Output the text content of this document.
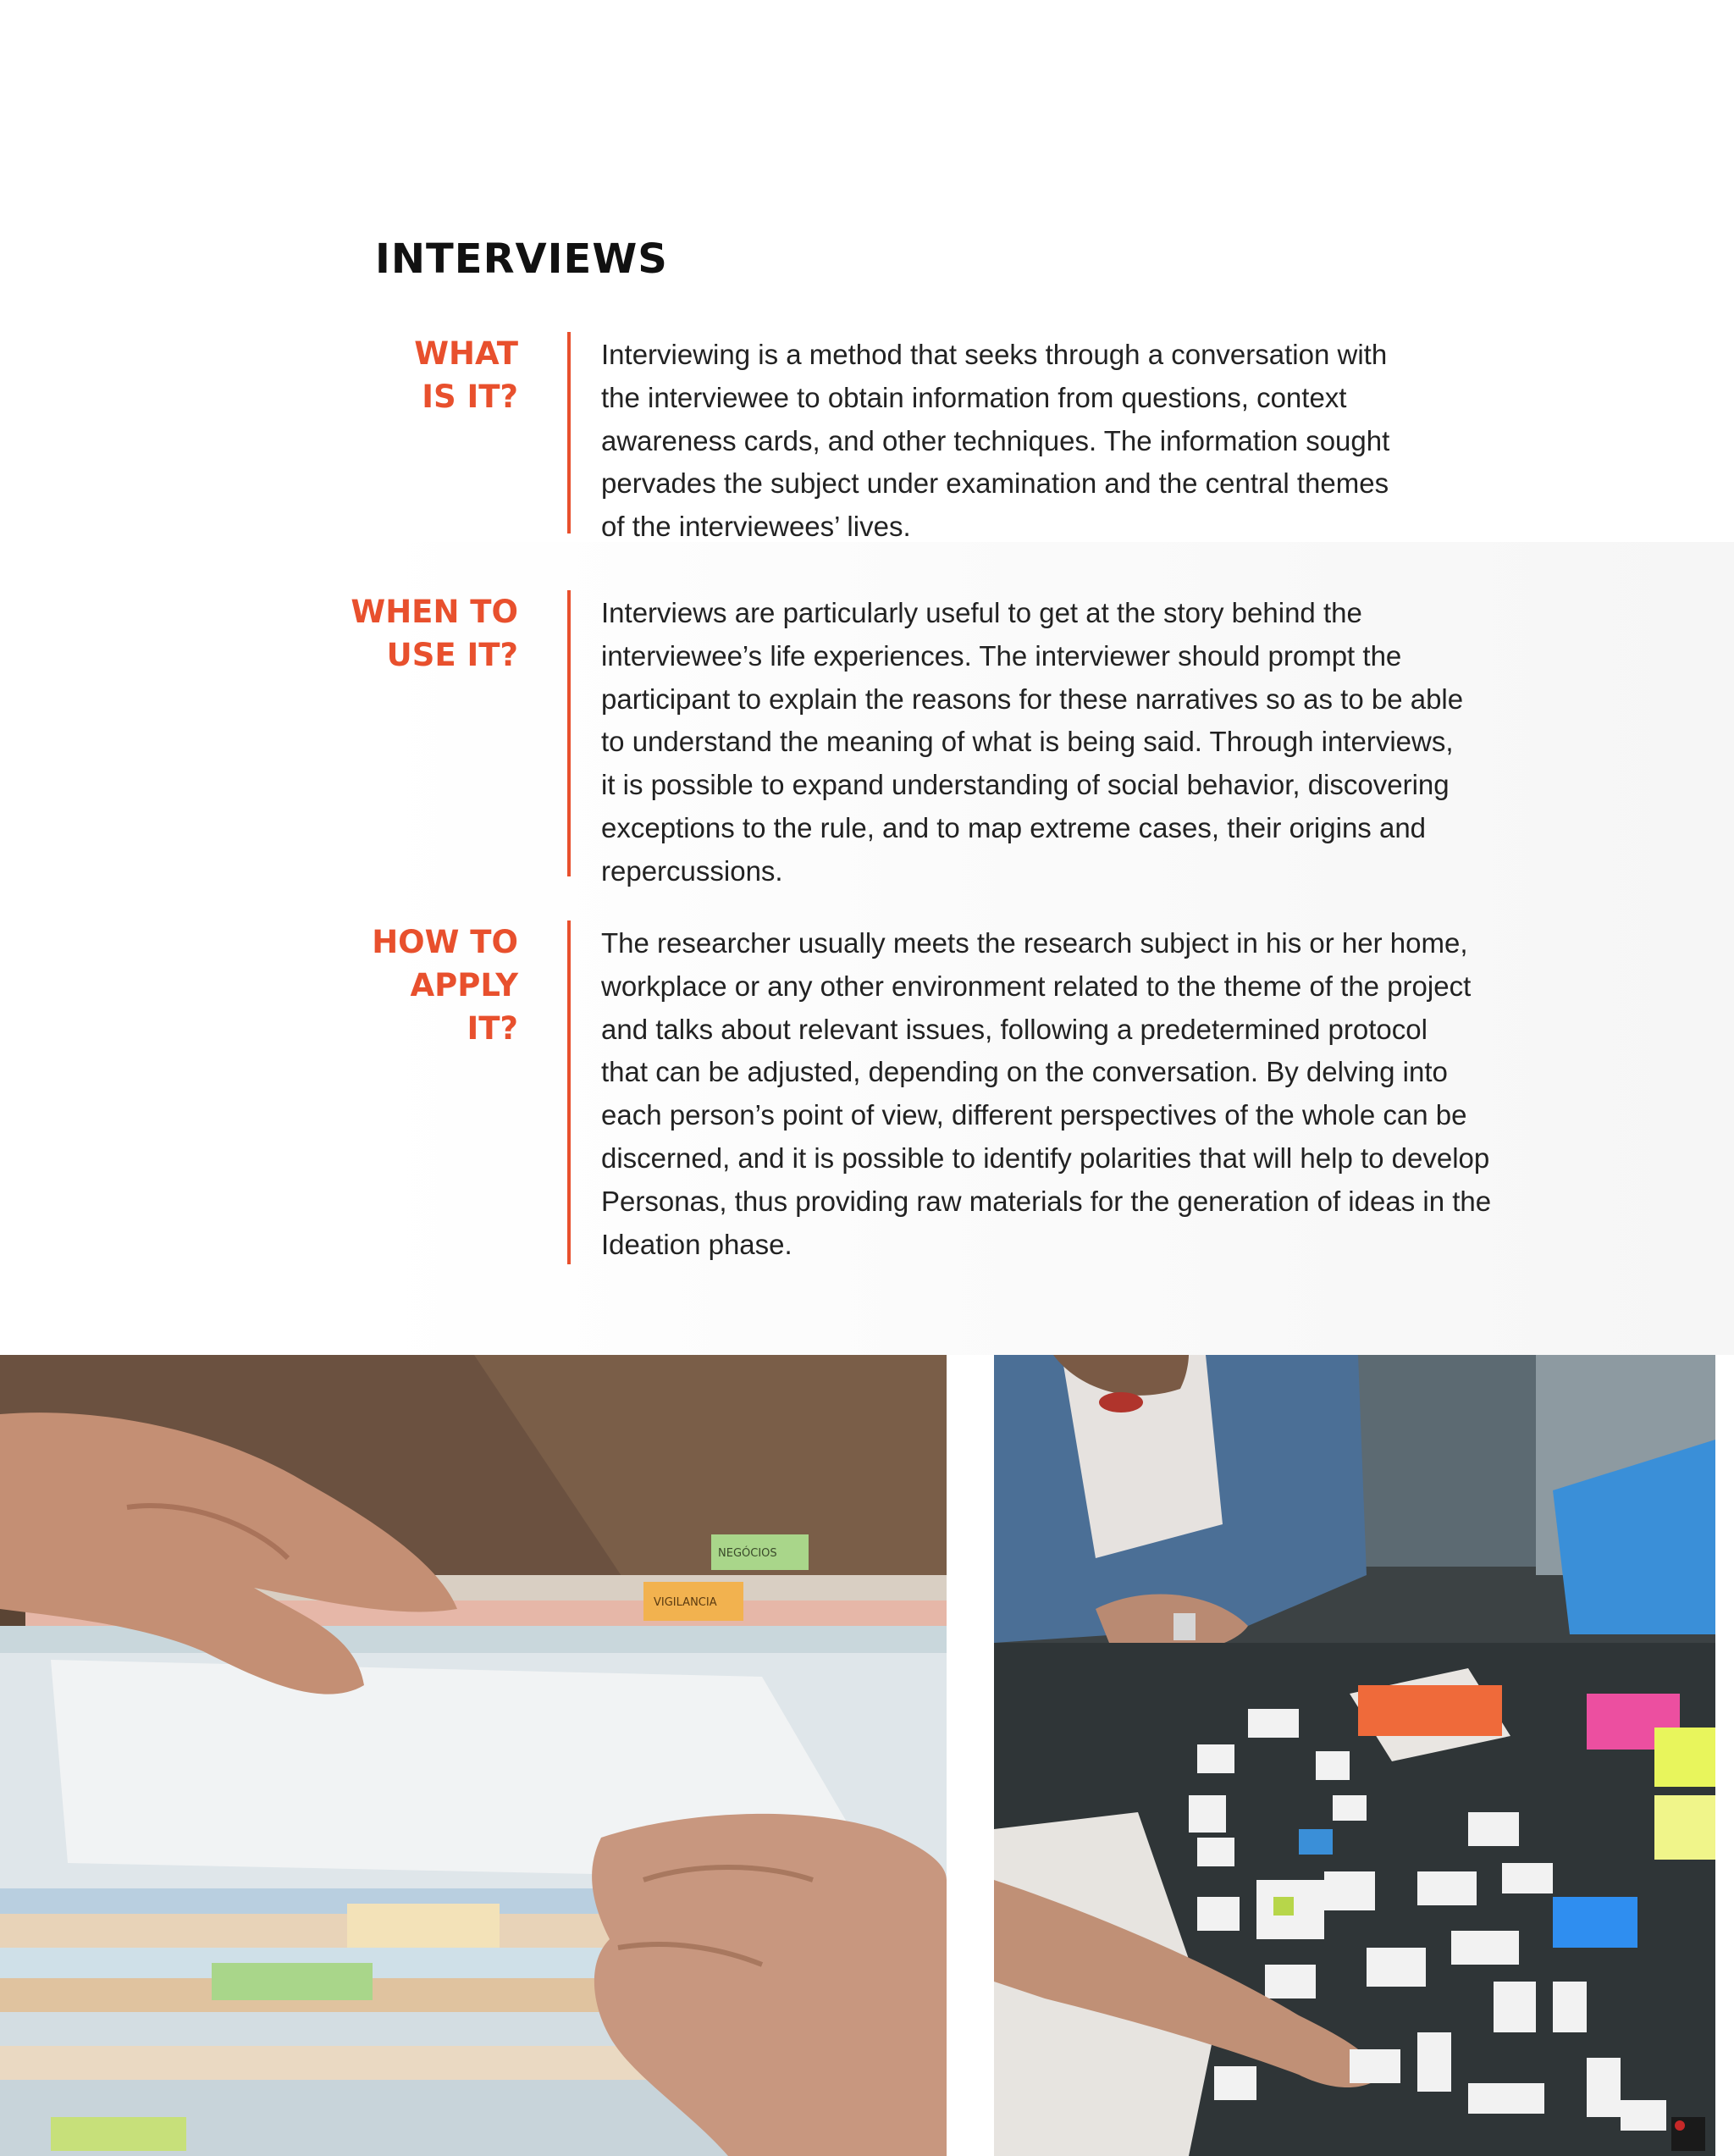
INTERVIEWS
WHAT
IS IT?
Interviewing is a method that seeks through a conversation with
the interviewee to obtain information from questions, context
awareness cards, and other techniques. The information sought
pervades the subject under examination and the central themes
of the interviewees’ lives.
WHEN TO
USE IT?
Interviews are particularly useful to get at the story behind the
interviewee’s life experiences. The interviewer should prompt the
participant to explain the reasons for these narratives so as to be able
to understand the meaning of what is being said. Through interviews,
it is possible to expand understanding of social behavior, discovering
exceptions to the rule, and to map extreme cases, their origins and
repercussions.
HOW TO
APPLY
IT?
The researcher usually meets the research subject in his or her home,
workplace or any other environment related to the theme of the project
and talks about relevant issues, following a predetermined protocol
that can be adjusted, depending on the conversation. By delving into
each person’s point of view, different perspectives of the whole can be
discerned, and it is possible to identify polarities that will help to develop
Personas, thus providing raw materials for the generation of ideas in the
Ideation phase.
NEGÓCIOS
VIGILANCIA
